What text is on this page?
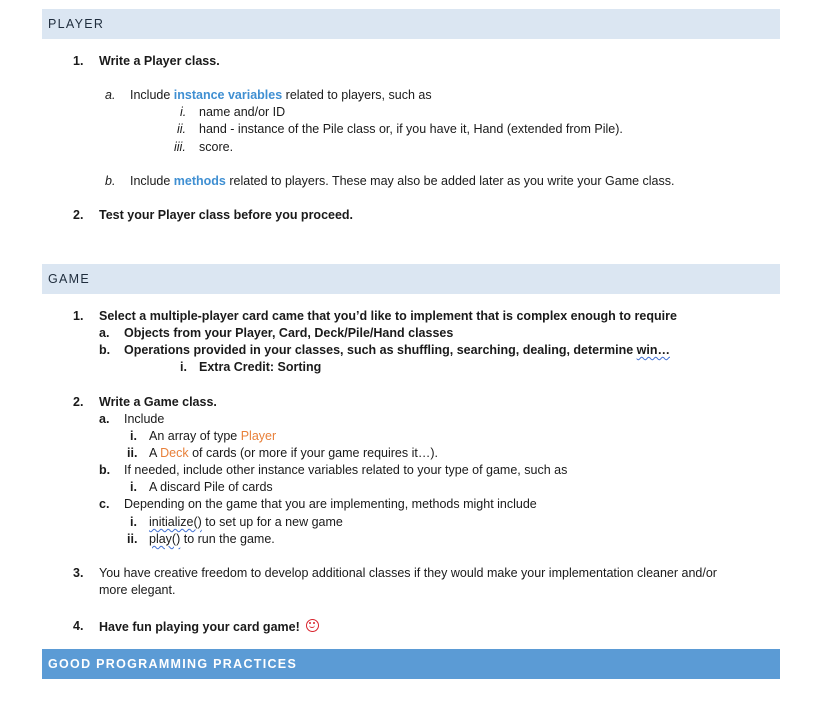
PLAYER
1. Write a Player class.
a. Include instance variables related to players, such as
i. name and/or ID
ii. hand - instance of the Pile class or, if you have it, Hand (extended from Pile).
iii. score.
b. Include methods related to players. These may also be added later as you write your Game class.
2. Test your Player class before you proceed.
GAME
1. Select a multiple-player card came that you’d like to implement that is complex enough to require
a. Objects from your Player, Card, Deck/Pile/Hand classes
b. Operations provided in your classes, such as shuffling, searching, dealing, determine win…
i. Extra Credit: Sorting
2. Write a Game class.
a. Include
i. An array of type Player
ii. A Deck of cards (or more if your game requires it…).
b. If needed, include other instance variables related to your type of game, such as
i. A discard Pile of cards
c. Depending on the game that you are implementing, methods might include
i. initialize() to set up for a new game
ii. play() to run the game.
3. You have creative freedom to develop additional classes if they would make your implementation cleaner and/or
more elegant.
4. Have fun playing your card game!
GOOD PROGRAMMING PRACTICES
